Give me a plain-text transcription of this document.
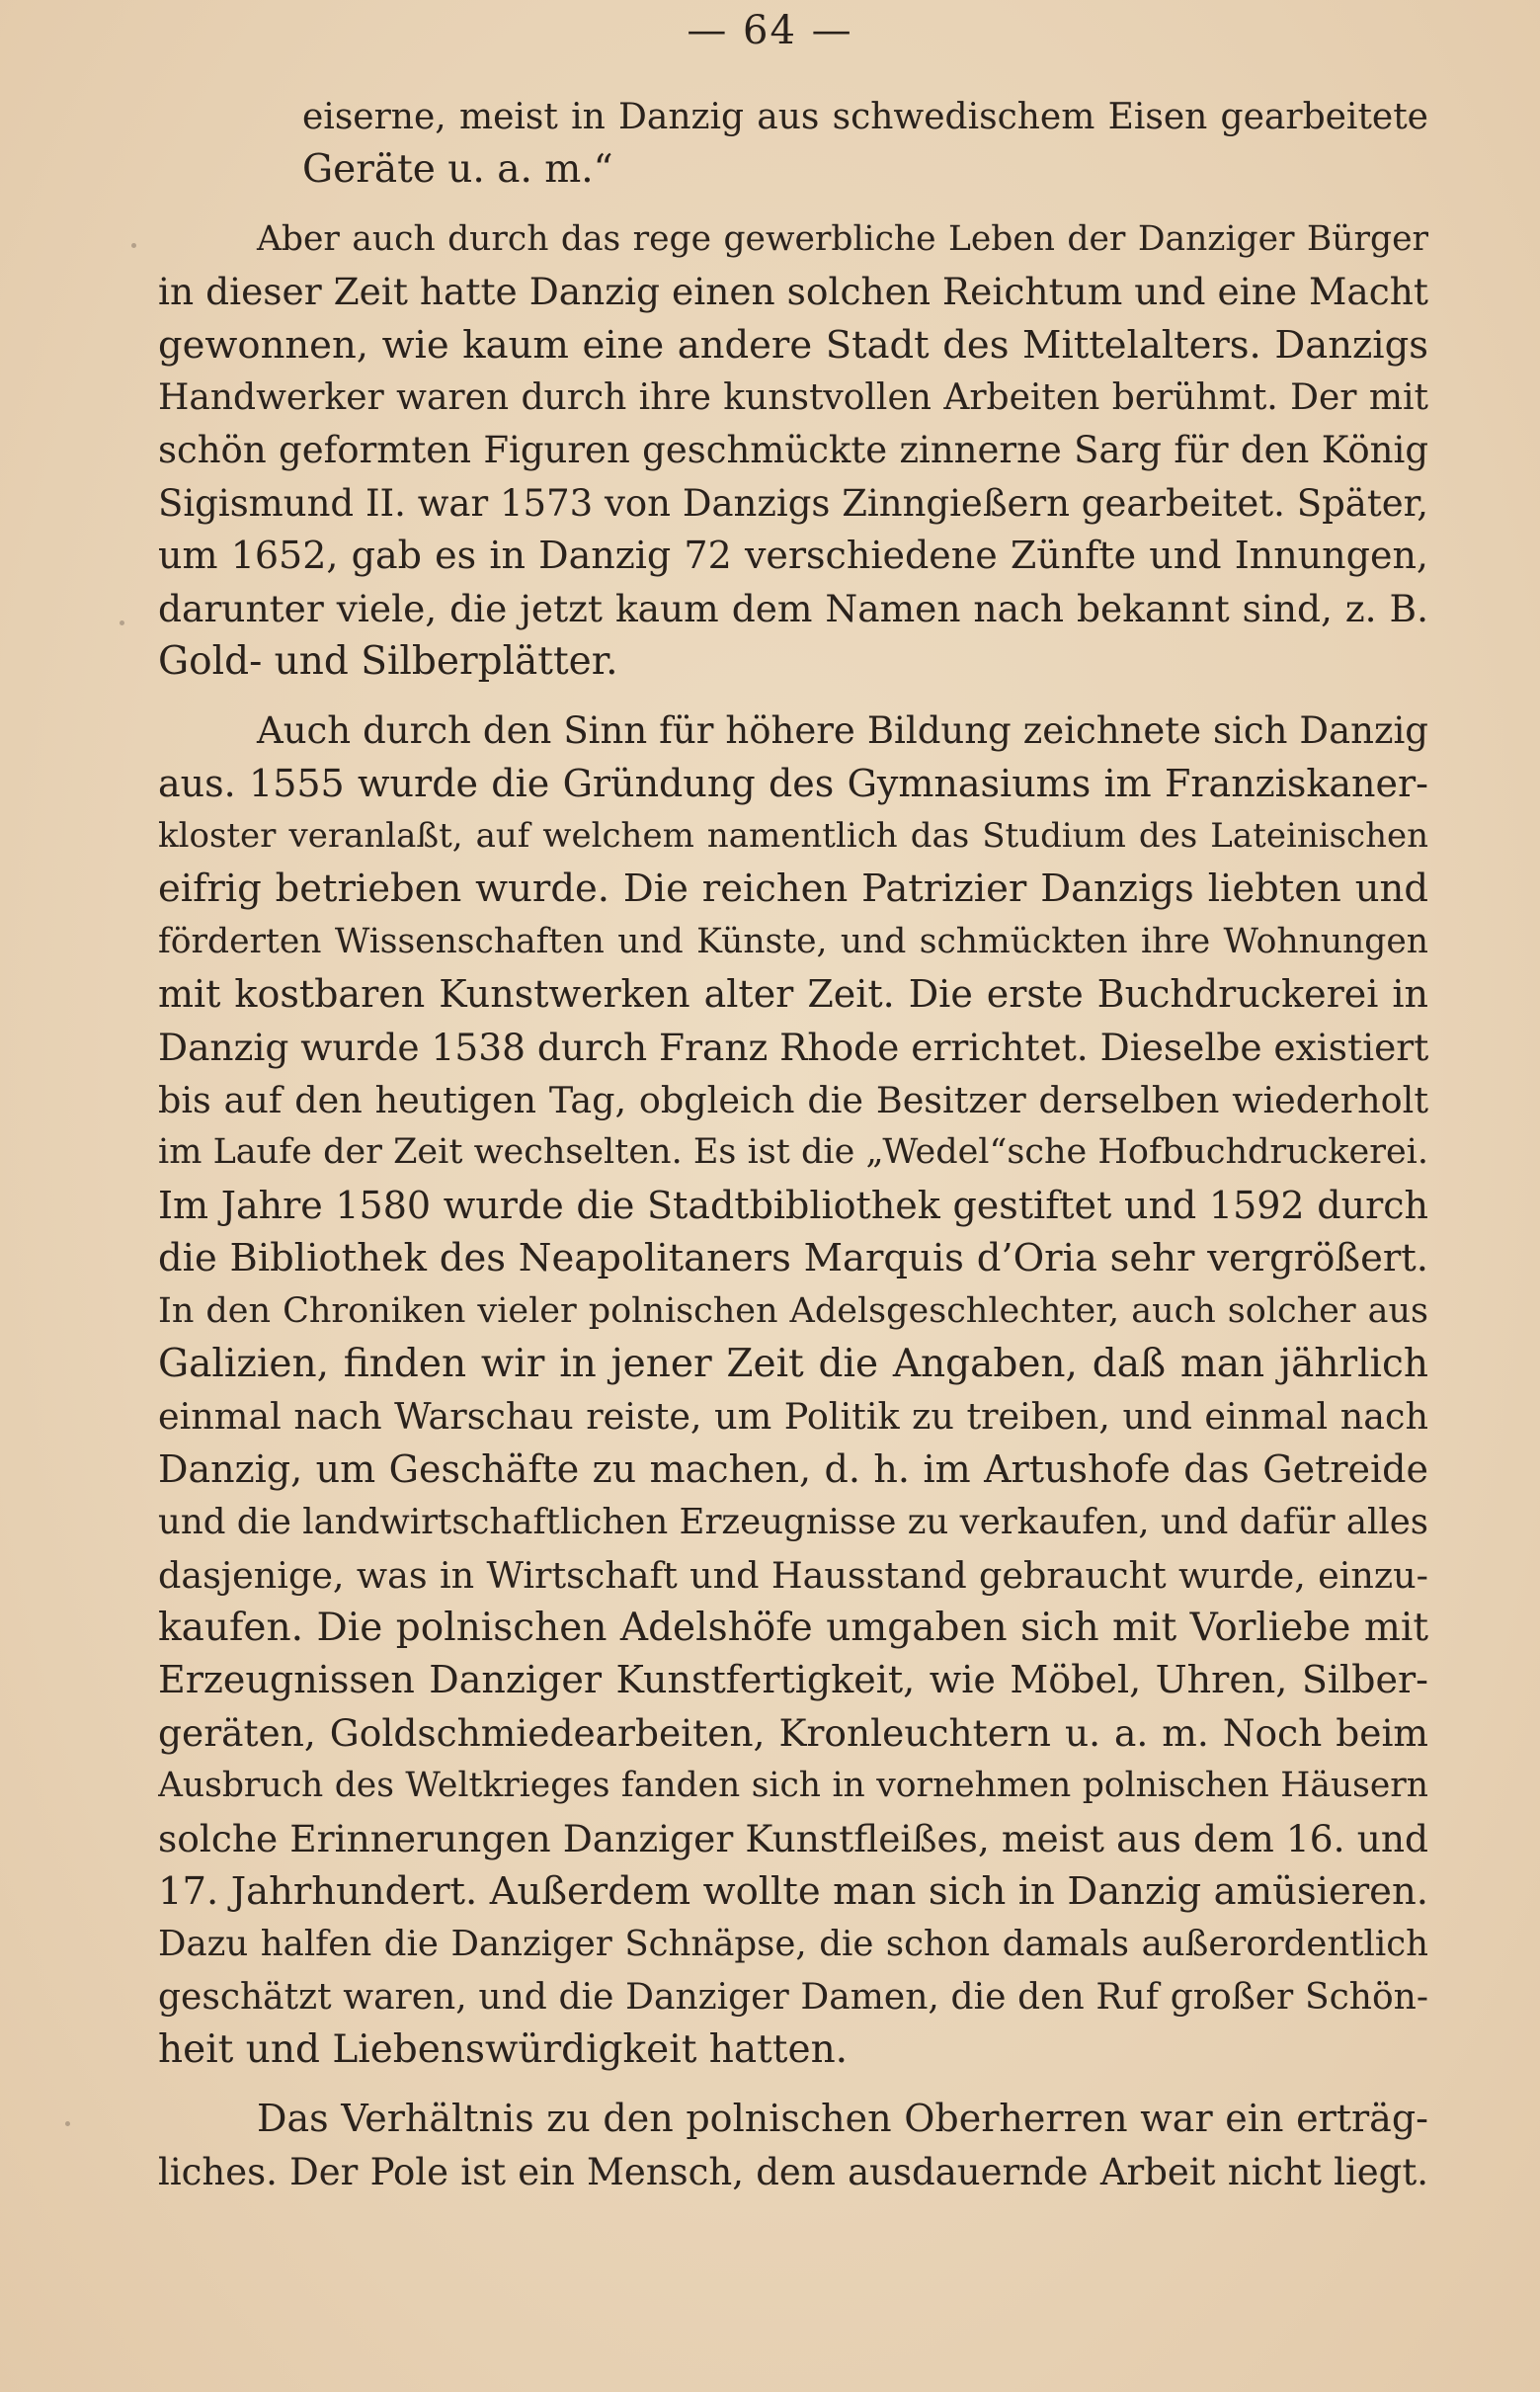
— 64 —
eiserne, meist in Danzig aus schwedischem Eisen gearbeitete
Geräte u. a. m.“
Aber auch durch das rege gewerbliche Leben der Danziger Bürger
in dieser Zeit hatte Danzig einen solchen Reichtum und eine Macht
gewonnen, wie kaum eine andere Stadt des Mittelalters. Danzigs
Handwerker waren durch ihre kunstvollen Arbeiten berühmt. Der mit
schön geformten Figuren geschmückte zinnerne Sarg für den König
Sigismund II. war 1573 von Danzigs Zinngießern gearbeitet. Später,
um 1652, gab es in Danzig 72 verschiedene Zünfte und Innungen,
darunter viele, die jetzt kaum dem Namen nach bekannt sind, z. B.
Gold- und Silberplätter.
Auch durch den Sinn für höhere Bildung zeichnete sich Danzig
aus. 1555 wurde die Gründung des Gymnasiums im Franziskaner-
kloster veranlaßt, auf welchem namentlich das Studium des Lateinischen
eifrig betrieben wurde. Die reichen Patrizier Danzigs liebten und
förderten Wissenschaften und Künste, und schmückten ihre Wohnungen
mit kostbaren Kunstwerken alter Zeit. Die erste Buchdruckerei in
Danzig wurde 1538 durch Franz Rhode errichtet. Dieselbe existiert
bis auf den heutigen Tag, obgleich die Besitzer derselben wiederholt
im Laufe der Zeit wechselten. Es ist die „Wedel“sche Hofbuchdruckerei.
Im Jahre 1580 wurde die Stadtbibliothek gestiftet und 1592 durch
die Bibliothek des Neapolitaners Marquis d’Oria sehr vergrößert.
In den Chroniken vieler polnischen Adelsgeschlechter, auch solcher aus
Galizien, finden wir in jener Zeit die Angaben, daß man jährlich
einmal nach Warschau reiste, um Politik zu treiben, und einmal nach
Danzig, um Geschäfte zu machen, d. h. im Artushofe das Getreide
und die landwirtschaftlichen Erzeugnisse zu verkaufen, und dafür alles
dasjenige, was in Wirtschaft und Hausstand gebraucht wurde, einzu-
kaufen. Die polnischen Adelshöfe umgaben sich mit Vorliebe mit
Erzeugnissen Danziger Kunstfertigkeit, wie Möbel, Uhren, Silber-
geräten, Goldschmiedearbeiten, Kronleuchtern u. a. m. Noch beim
Ausbruch des Weltkrieges fanden sich in vornehmen polnischen Häusern
solche Erinnerungen Danziger Kunstfleißes, meist aus dem 16. und
17. Jahrhundert. Außerdem wollte man sich in Danzig amüsieren.
Dazu halfen die Danziger Schnäpse, die schon damals außerordentlich
geschätzt waren, und die Danziger Damen, die den Ruf großer Schön-
heit und Liebenswürdigkeit hatten.
Das Verhältnis zu den polnischen Oberherren war ein erträg-
liches. Der Pole ist ein Mensch, dem ausdauernde Arbeit nicht liegt.
